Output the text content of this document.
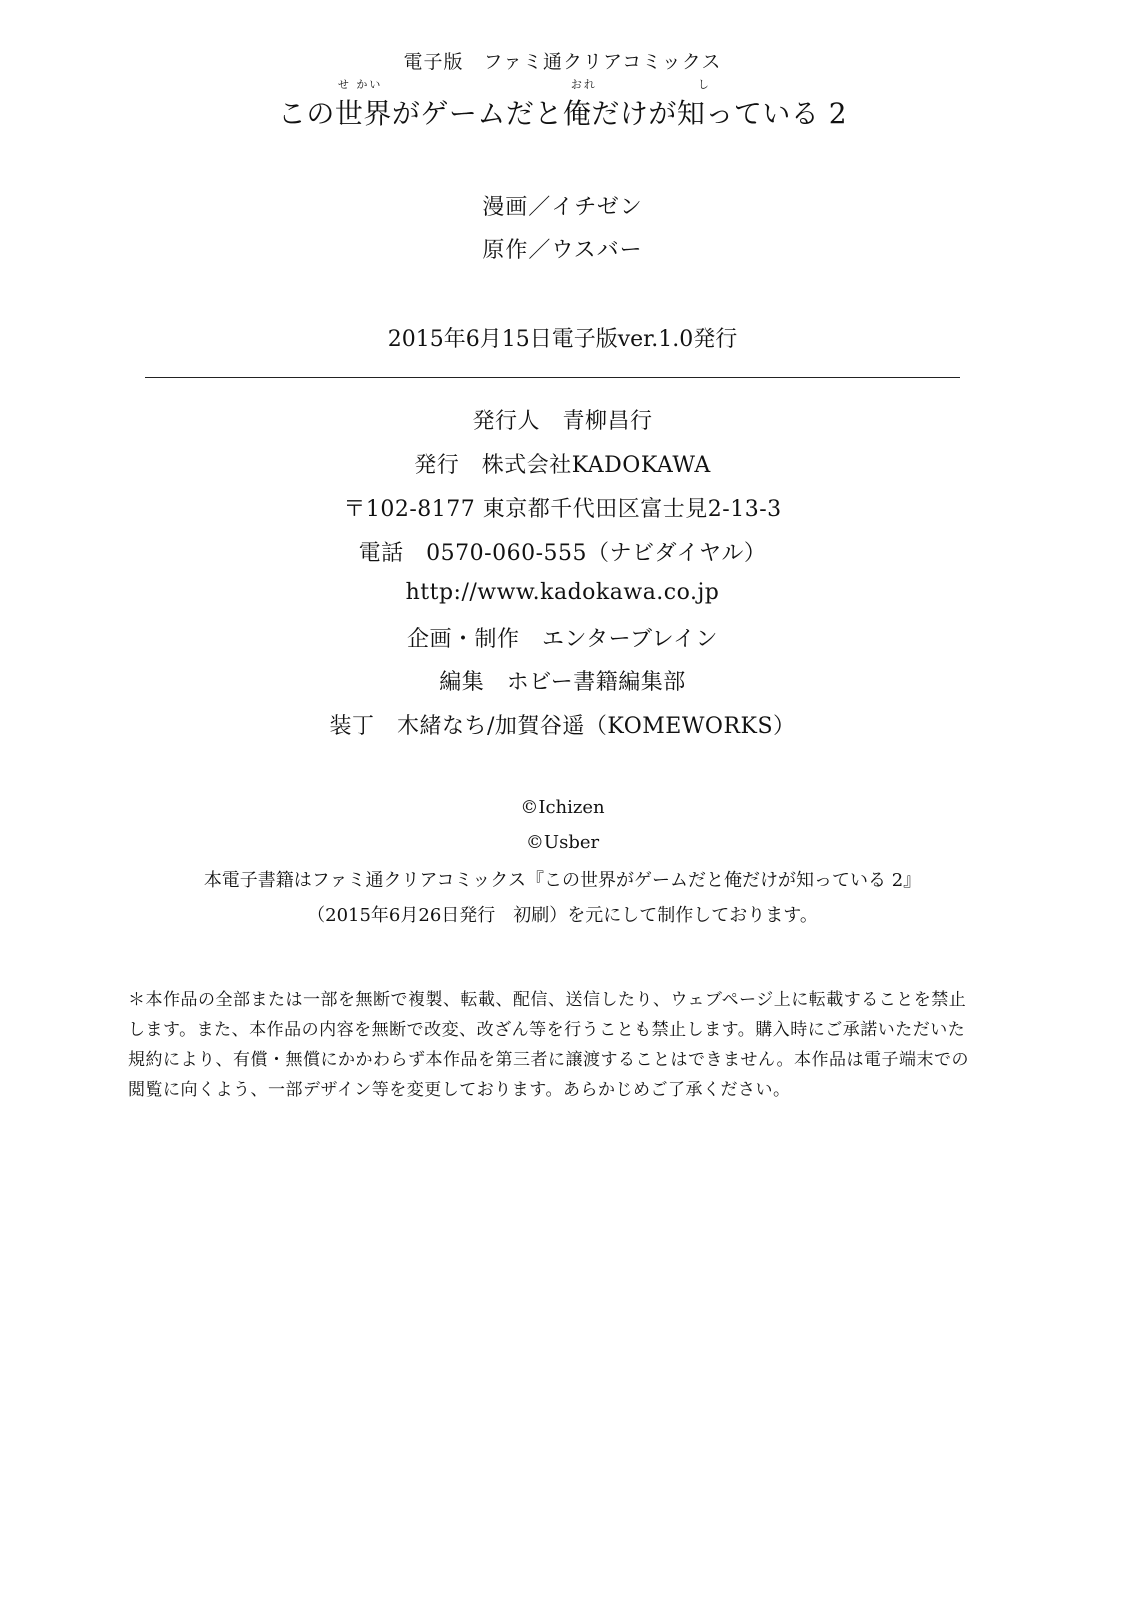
電子版　ファミ通クリアコミックス
せ かい	おれ	し
この世界がゲームだと俺だけが知っている 2
漫画／イチゼン
原作／ウスバー
2015年6月15日電子版ver.1.0発行
発行人　青柳昌行
発行　株式会社KADOKAWA
〒102-8177 東京都千代田区富士見2-13-3
電話　0570-060-555（ナビダイヤル）
http://www.kadokawa.co.jp
企画・制作　エンターブレイン
編集　ホビー書籍編集部
装丁　木緒なち/加賀谷遥（KOMEWORKS）
©Ichizen
©Usber
本電子書籍はファミ通クリアコミックス『この世界がゲームだと俺だけが知っている 2』
（2015年6月26日発行　初刷）を元にして制作しております。

＊本作品の全部または一部を無断で複製、転載、配信、送信したり、ウェブページ上に転載することを禁止

します。また、本作品の内容を無断で改変、改ざん等を行うことも禁止します。購入時にご承諾いただいた

規約により、有償・無償にかかわらず本作品を第三者に譲渡することはできません。本作品は電子端末での

閲覧に向くよう、一部デザイン等を変更しております。あらかじめご了承ください。
